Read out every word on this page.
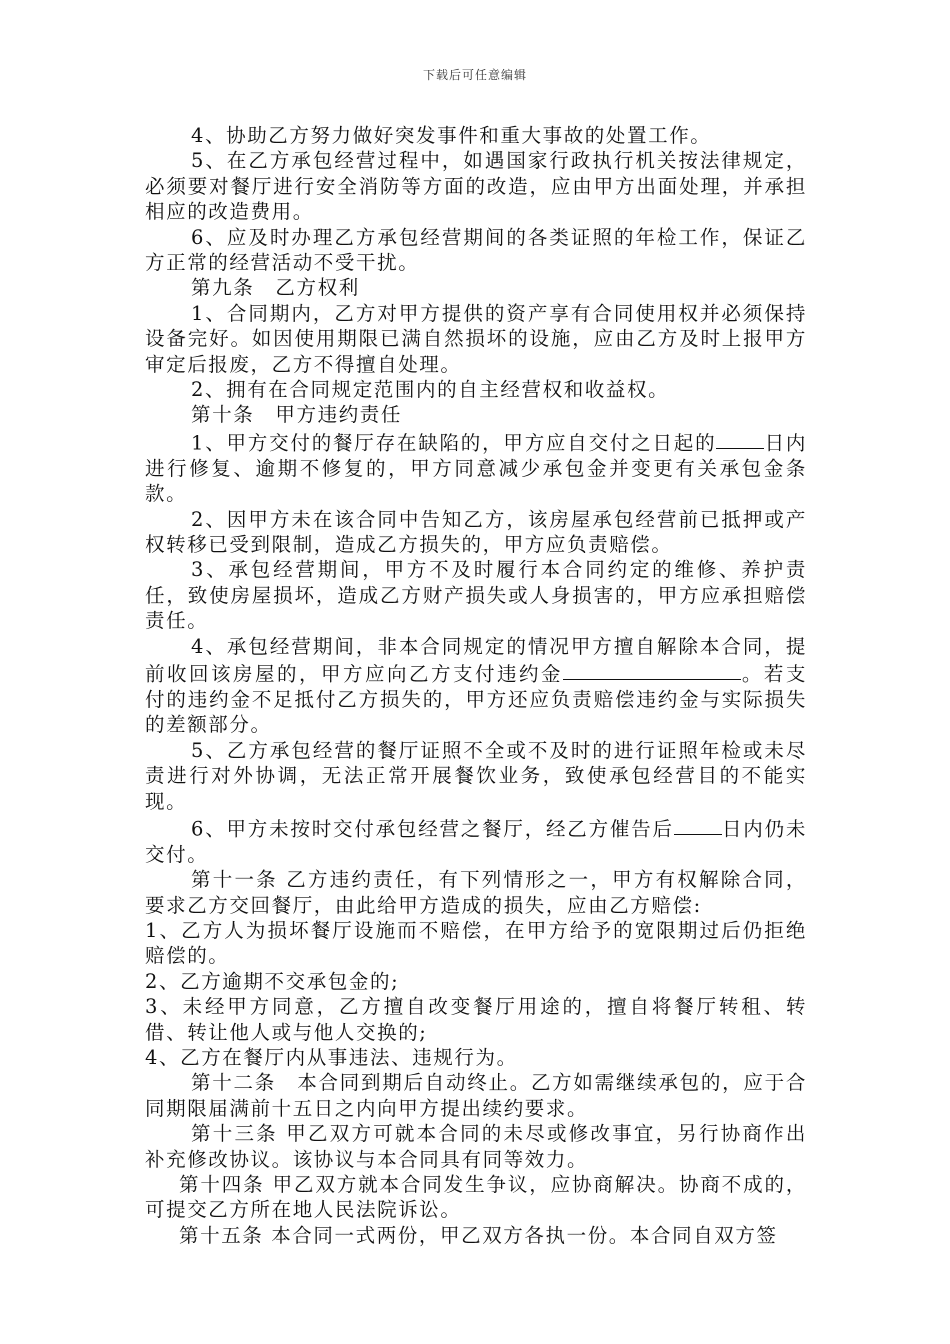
下载后可任意编辑

4、协助乙方努力做好突发事件和重大事故的处置工作。

5、在乙方承包经营过程中，如遇国家行政执行机关按法律规定，必须要对餐厅进行安全消防等方面的改造，应由甲方出面处理，并承担相应的改造费用。

6、应及时办理乙方承包经营期间的各类证照的年检工作，保证乙方正常的经营活动不受干扰。

第九条　乙方权利

1、合同期内，乙方对甲方提供的资产享有合同使用权并必须保持设备完好。如因使用期限已满自然损坏的设施，应由乙方及时上报甲方审定后报废，乙方不得擅自处理。

2、拥有在合同规定范围内的自主经营权和收益权。

第十条　甲方违约责任

1、甲方交付的餐厅存在缺陷的，甲方应自交付之日起的 日内进行修复、逾期不修复的，甲方同意减少承包金并变更有关承包金条款。

2、因甲方未在该合同中告知乙方，该房屋承包经营前已抵押或产权转移已受到限制，造成乙方损失的，甲方应负责赔偿。

3、承包经营期间，甲方不及时履行本合同约定的维修、养护责任，致使房屋损坏，造成乙方财产损失或人身损害的，甲方应承担赔偿责任。

4、承包经营期间，非本合同规定的情况甲方擅自解除本合同，提前收回该房屋的，甲方应向乙方支付违约金	。若支付的违约金不足抵付乙方损失的，甲方还应负责赔偿违约金与实际损失的差额部分。

5、乙方承包经营的餐厅证照不全或不及时的进行证照年检或未尽责进行对外协调，无法正常开展餐饮业务，致使承包经营目的不能实现。

6、甲方未按时交付承包经营之餐厅，经乙方催告后 日内仍未交付。

第十一条 乙方违约责任，有下列情形之一，甲方有权解除合同，要求乙方交回餐厅，由此给甲方造成的损失，应由乙方赔偿:

1、乙方人为损坏餐厅设施而不赔偿，在甲方给予的宽限期过后仍拒绝赔偿的。

2、乙方逾期不交承包金的;

3、未经甲方同意，乙方擅自改变餐厅用途的，擅自将餐厅转租、转借、转让他人或与他人交换的;

4、乙方在餐厅内从事违法、违规行为。

第十二条　本合同到期后自动终止。乙方如需继续承包的，应于合同期限届满前十五日之内向甲方提出续约要求。

第十三条 甲乙双方可就本合同的未尽或修改事宜，另行协商作出补充修改协议。该协议与本合同具有同等效力。

第十四条 甲乙双方就本合同发生争议，应协商解决。协商不成的，可提交乙方所在地人民法院诉讼。

第十五条 本合同一式两份，甲乙双方各执一份。本合同自双方签
